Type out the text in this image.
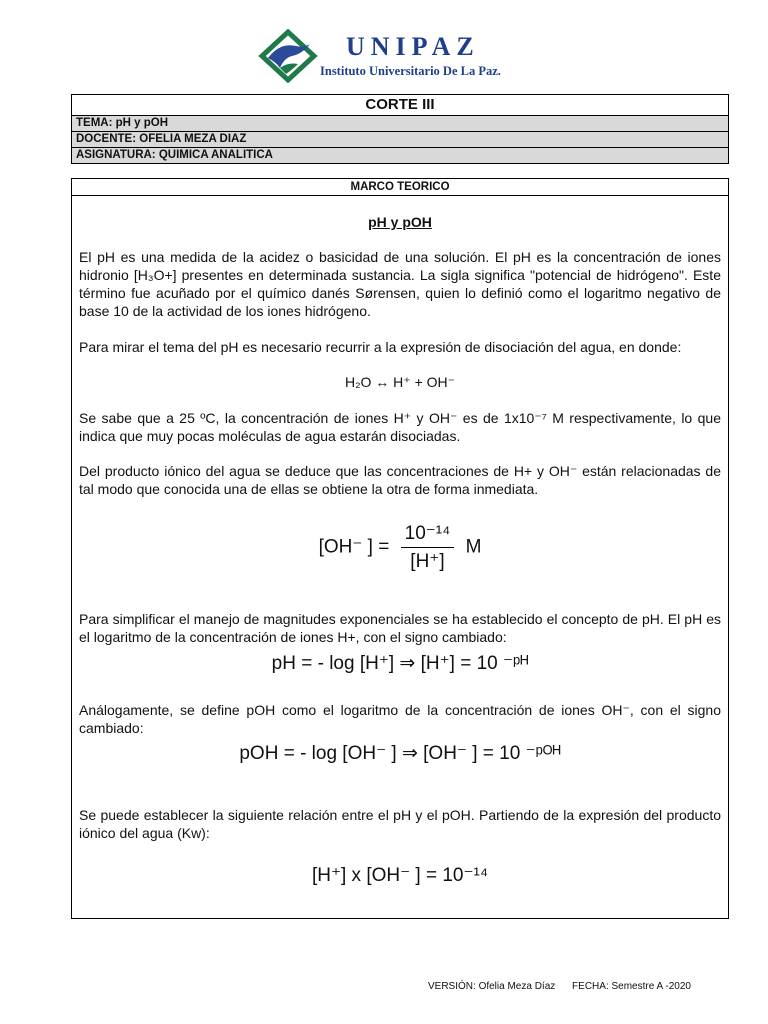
UNIPAZ
Instituto Universitario De La Paz.
CORTE III
TEMA: pH y pOH
DOCENTE: OFELIA MEZA DIAZ
ASIGNATURA: QUIMICA ANALITICA
MARCO TEORICO
pH y pOH
El pH es una medida de la acidez o basicidad de una solución. El pH es la concentración de iones hidronio [H₃O+] presentes en determinada sustancia. La sigla significa "potencial de hidrógeno". Este término fue acuñado por el químico danés Sørensen, quien lo definió como el logaritmo negativo de base 10 de la actividad de los iones hidrógeno.
Para mirar el tema del pH es necesario recurrir a la expresión de disociación del agua, en donde:
H₂O ↔ H⁺ + OH⁻
Se sabe que a 25 ºC, la concentración de iones H⁺ y OH⁻ es de 1x10⁻⁷ M respectivamente, lo que indica que muy pocas moléculas de agua estarán disociadas.
Del producto iónico del agua se deduce que las concentraciones de H+ y OH⁻ están relacionadas de tal modo que conocida una de ellas se obtiene la otra de forma inmediata.
[OH⁻ ] = $\frac{\text{10⁻¹⁴}}{[H^+]}$ M
Para simplificar el manejo de magnitudes exponenciales se ha establecido el concepto de pH. El pH es el logaritmo de la concentración de iones H+, con el signo cambiado:
pH = - log [H⁺] ⇒ [H⁺] = 10 ⁻ᵖᴴ
Análogamente, se define pOH como el logaritmo de la concentración de iones OH⁻, con el signo cambiado:
pOH = - log [OH⁻ ] ⇒ [OH⁻ ] = 10 ⁻ᵖᴼᴴ
Se puede establecer la siguiente relación entre el pH y el pOH. Partiendo de la expresión del producto iónico del agua (Kw):
[H⁺] x [OH⁻ ] = 10⁻¹⁴
VERSIÓN: Ofelia Meza Díaz FECHA: Semestre A -2020
